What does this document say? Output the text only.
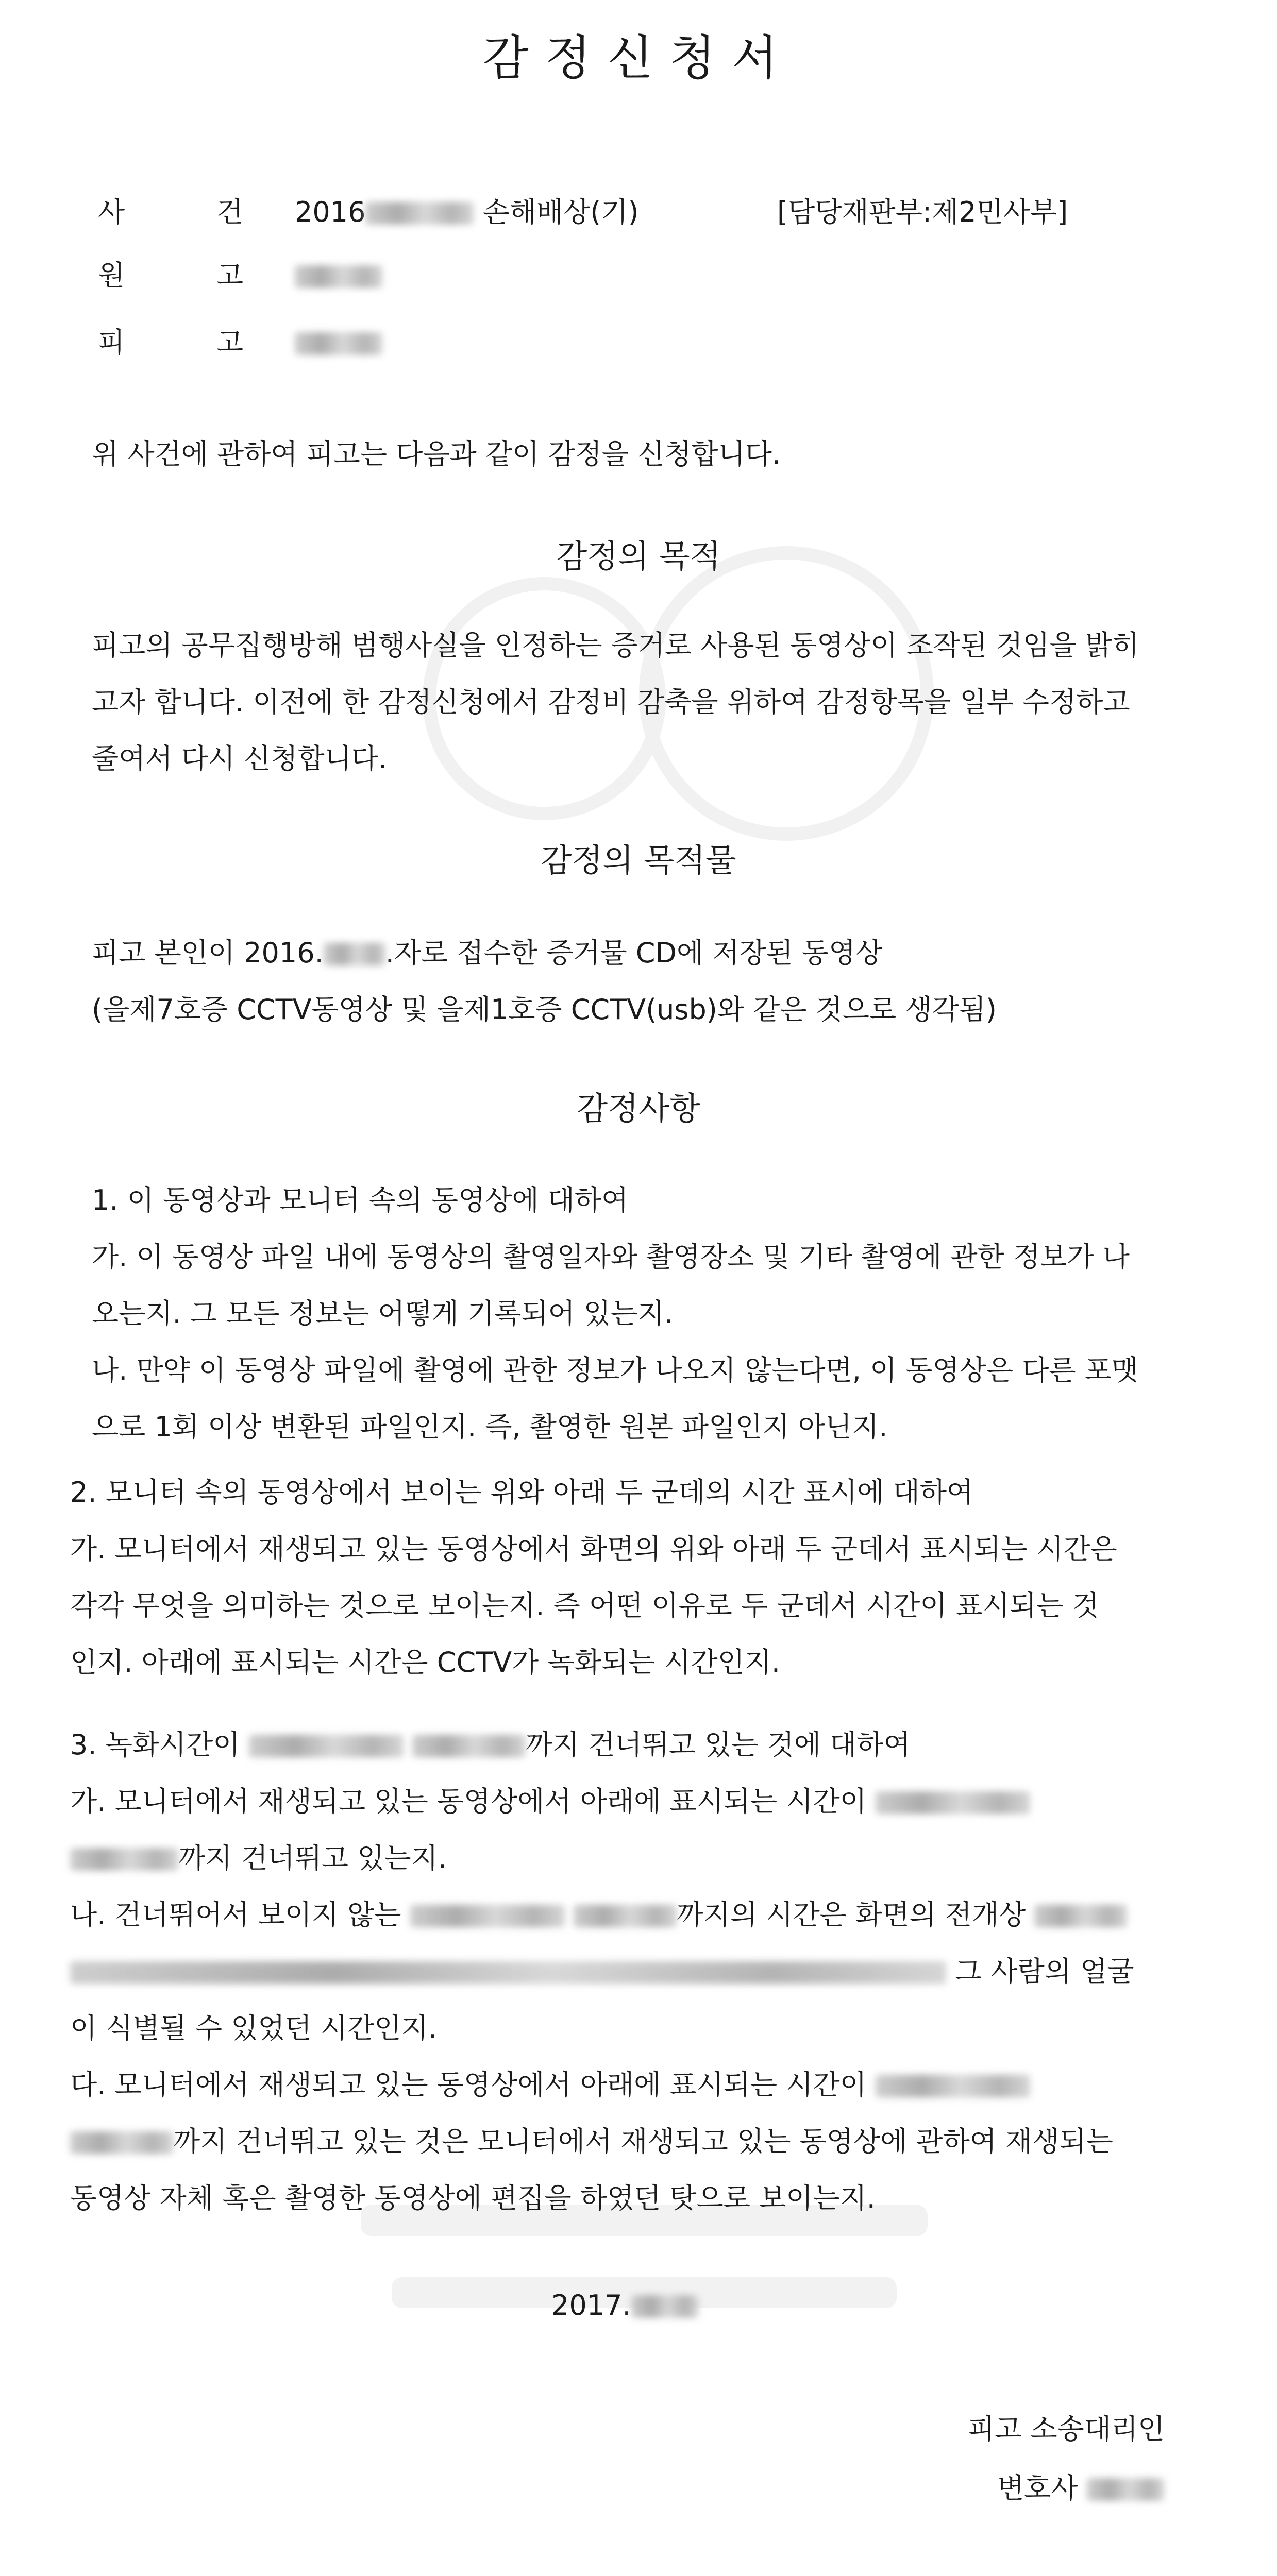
감정신청서
사	건 2016	손해배상(기)	[담당재판부:제2민사부]
원	고
피	고
위 사건에 관하여 피고는 다음과 같이 감정을 신청합니다.
감정의 목적
피고의 공무집행방해 범행사실을 인정하는 증거로 사용된 동영상이 조작된 것임을 밝히
고자 합니다. 이전에 한 감정신청에서 감정비 감축을 위하여 감정항목을 일부 수정하고
줄여서 다시 신청합니다.
감정의 목적물
피고 본인이 2016. .자로 접수한 증거물 CD에 저장된 동영상
(을제7호증 CCTV동영상 및 을제1호증 CCTV(usb)와 같은 것으로 생각됨)
감정사항
1. 이 동영상과 모니터 속의 동영상에 대하여
가. 이 동영상 파일 내에 동영상의 촬영일자와 촬영장소 및 기타 촬영에 관한 정보가 나
오는지. 그 모든 정보는 어떻게 기록되어 있는지.
나. 만약 이 동영상 파일에 촬영에 관한 정보가 나오지 않는다면, 이 동영상은 다른 포맷
으로 1회 이상 변환된 파일인지. 즉, 촬영한 원본 파일인지 아닌지.
2. 모니터 속의 동영상에서 보이는 위와 아래 두 군데의 시간 표시에 대하여
가. 모니터에서 재생되고 있는 동영상에서 화면의 위와 아래 두 군데서 표시되는 시간은
각각 무엇을 의미하는 것으로 보이는지. 즉 어떤 이유로 두 군데서 시간이 표시되는 것
인지. 아래에 표시되는 시간은 CCTV가 녹화되는 시간인지.
3. 녹화시간이	까지 건너뛰고 있는 것에 대하여
가. 모니터에서 재생되고 있는 동영상에서 아래에 표시되는 시간이
까지 건너뛰고 있는지.
나. 건너뛰어서 보이지 않는	까지의 시간은 화면의 전개상
그 사람의 얼굴
이 식별될 수 있었던 시간인지.
다. 모니터에서 재생되고 있는 동영상에서 아래에 표시되는 시간이
까지 건너뛰고 있는 것은 모니터에서 재생되고 있는 동영상에 관하여 재생되는
동영상 자체 혹은 촬영한 동영상에 편집을 하였던 탓으로 보이는지.
2017.
피고 소송대리인
변호사
